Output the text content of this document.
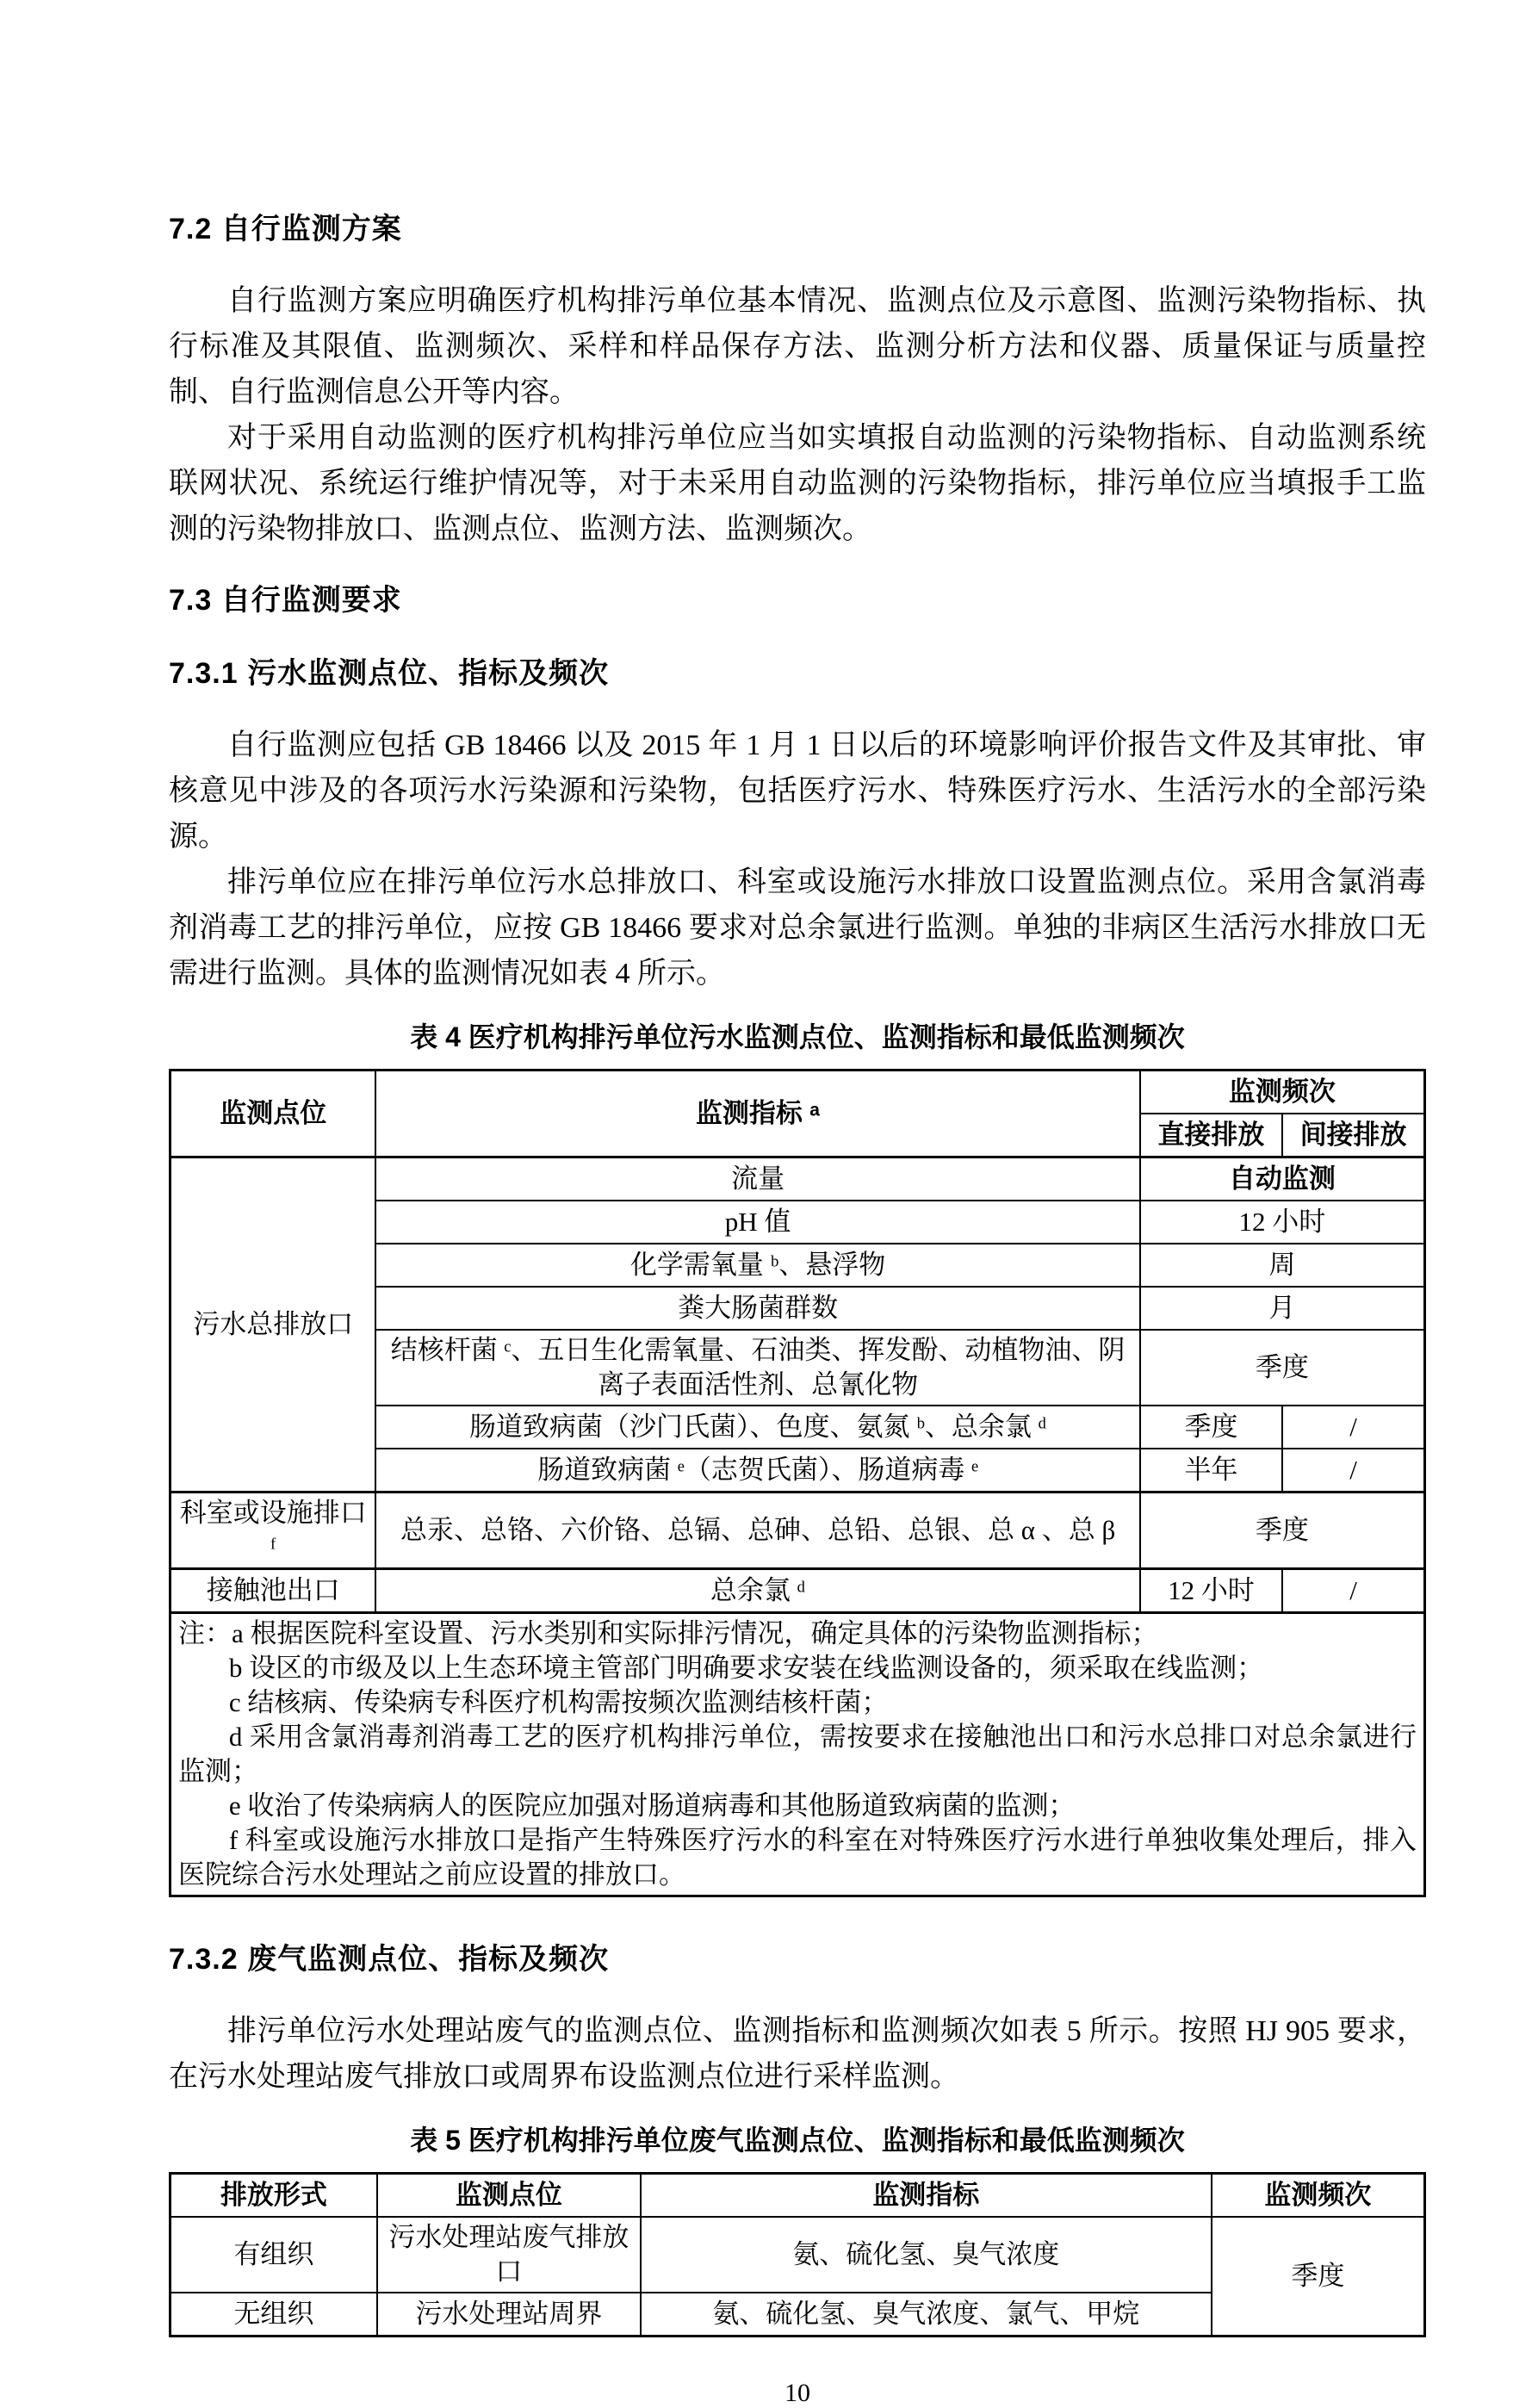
7.2 自行监测方案

自行监测方案应明确医疗机构排污单位基本情况、监测点位及示意图、监测污染物指标、执行标准及其限值、监测频次、采样和样品保存方法、监测分析方法和仪器、质量保证与质量控制、自行监测信息公开等内容。

对于采用自动监测的医疗机构排污单位应当如实填报自动监测的污染物指标、自动监测系统联网状况、系统运行维护情况等，对于未采用自动监测的污染物指标，排污单位应当填报手工监测的污染物排放口、监测点位、监测方法、监测频次。

7.3 自行监测要求
7.3.1 污水监测点位、指标及频次

自行监测应包括 GB 18466 以及 2015 年 1 月 1 日以后的环境影响评价报告文件及其审批、审核意见中涉及的各项污水污染源和污染物，包括医疗污水、特殊医疗污水、生活污水的全部污染源。

排污单位应在排污单位污水总排放口、科室或设施污水排放口设置监测点位。采用含氯消毒剂消毒工艺的排污单位，应按 GB 18466 要求对总余氯进行监测。单独的非病区生活污水排放口无需进行监测。具体的监测情况如表 4 所示。

表 4 医疗机构排污单位污水监测点位、监测指标和最低监测频次
监测点位	监测指标 ᵃ	监测频次	
		直接排放	间接排放
污水总排放口	流量	自动监测	
	pH 值	12 小时	
	化学需氧量 ᵇ、悬浮物	周	
	粪大肠菌群数	月	
	结核杆菌 ᶜ、五日生化需氧量、石油类、挥发酚、动植物油、阴离子表面活性剂、总氰化物	季度	
	肠道致病菌（沙门氏菌）、色度、氨氮 ᵇ、总余氯 ᵈ	季度	/
	肠道致病菌 ᵉ（志贺氏菌）、肠道病毒 ᵉ	半年	/
科室或设施排口 ᶠ	总汞、总铬、六价铬、总镉、总砷、总铅、总银、总 α 、总 β	季度	
接触池出口	总余氯 ᵈ	12 小时	/

注：a 根据医院科室设置、污水类别和实际排污情况，确定具体的污染物监测指标；

b 设区的市级及以上生态环境主管部门明确要求安装在线监测设备的，须采取在线监测；

c 结核病、传染病专科医疗机构需按频次监测结核杆菌；

d 采用含氯消毒剂消毒工艺的医疗机构排污单位，需按要求在接触池出口和污水总排口对总余氯进行监测；

e 收治了传染病病人的医院应加强对肠道病毒和其他肠道致病菌的监测；

f 科室或设施污水排放口是指产生特殊医疗污水的科室在对特殊医疗污水进行单独收集处理后，排入医院综合污水处理站之前应设置的排放口。

7.3.2 废气监测点位、指标及频次

排污单位污水处理站废气的监测点位、监测指标和监测频次如表 5 所示。按照 HJ 905 要求，在污水处理站废气排放口或周界布设监测点位进行采样监测。

表 5 医疗机构排污单位废气监测点位、监测指标和最低监测频次
排放形式	监测点位	监测指标	监测频次
有组织	污水处理站废气排放口	氨、硫化氢、臭气浓度	季度
无组织	污水处理站周界	氨、硫化氢、臭气浓度、氯气、甲烷	
10
